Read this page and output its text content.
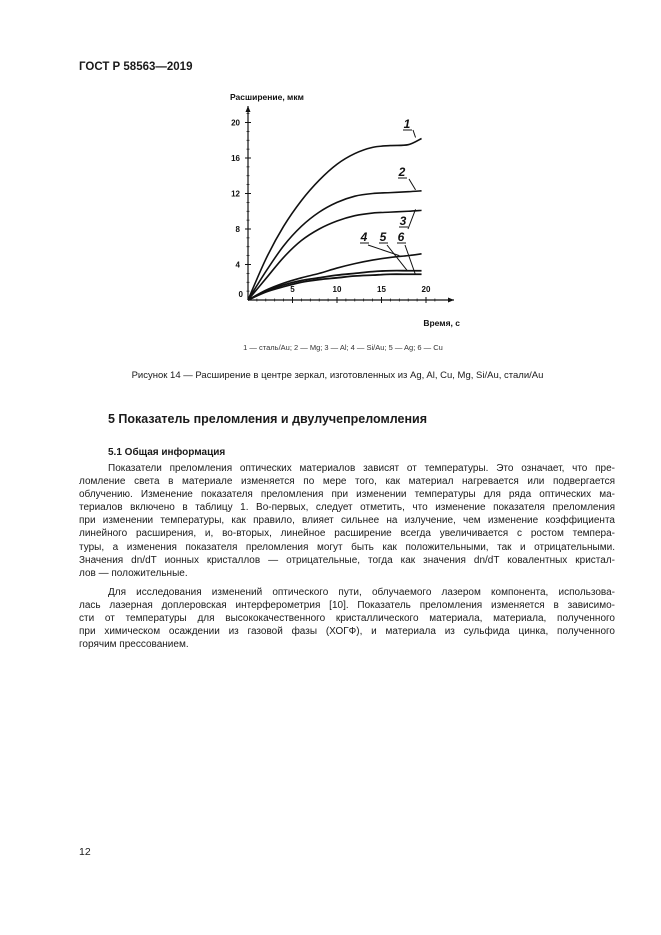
ГОСТ Р 58563—2019
0
5	10	15	20
4
8
12
16
20
Расширение, мкм
Время, с
1
2
3
4 5 6
1 — сталь/Au; 2 — Mg; 3 — Al; 4 — Si/Au; 5 — Ag; 6 — Cu
Рисунок 14 — Расширение в центре зеркал, изготовленных из Ag, Al, Cu, Mg, Si/Au, стали/Au
5 Показатель преломления и двулучепреломления
5.1 Общая информация
Показатели преломления оптических материалов зависят от температуры. Это означает, что пре-
ломление света в материале изменяется по мере того, как материал нагревается или подвергается
облучению. Изменение показателя преломления при изменении температуры для ряда оптических ма-
териалов включено в таблицу 1. Во-первых, следует отметить, что изменение показателя преломления
при изменении температуры, как правило, влияет сильнее на излучение, чем изменение коэффициента
линейного расширения, и, во-вторых, линейное расширение всегда увеличивается с ростом темпера-
туры, а изменения показателя преломления могут быть как положительными, так и отрицательными.
Значения dn/dT ионных кристаллов — отрицательные, тогда как значения dn/dT ковалентных кристал-
лов — положительные.
Для исследования изменений оптического пути, облучаемого лазером компонента, использова-
лась лазерная доплеровская интерферометрия [10]. Показатель преломления изменяется в зависимо-
сти от температуры для высококачественного кристаллического материала, материала, полученного
при химическом осаждении из газовой фазы (ХОГФ), и материала из сульфида цинка, полученного
горячим прессованием.
12
